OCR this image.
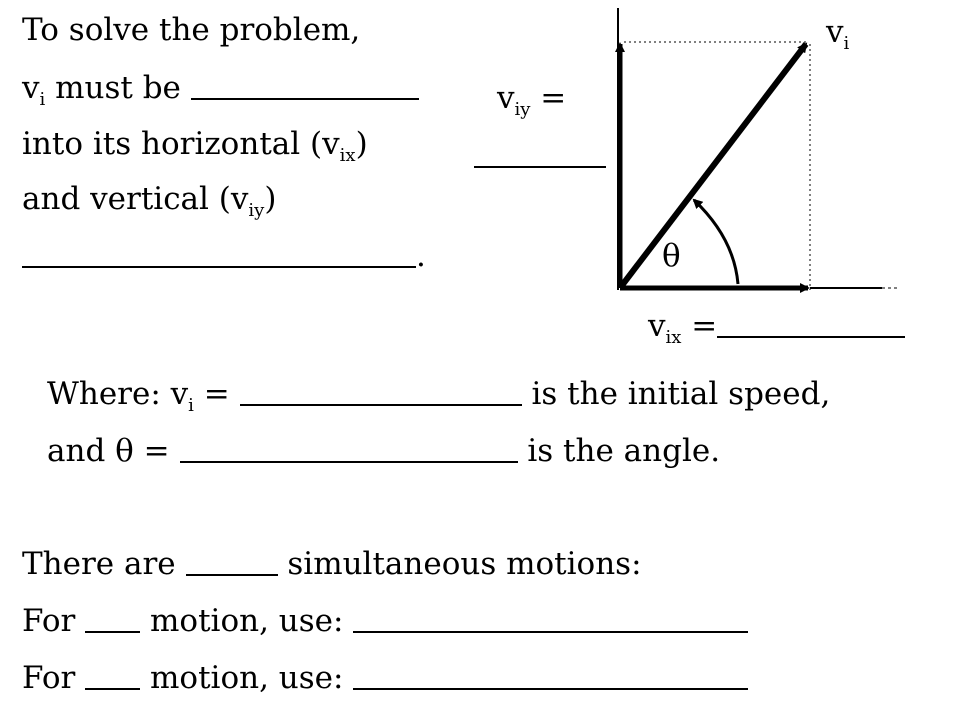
To solve the problem,
$v_i$ must be
into its horizontal $(v_{ix})$
and vertical $(v_{iy})$
.
$v_i$
$v_{iy}$ =
θ
$v_{ix}$ =
Where: $v_i$ =	is the initial speed,
and θ =	is the angle.
There are	simultaneous motions:
For  motion, use:
For  motion, use:
